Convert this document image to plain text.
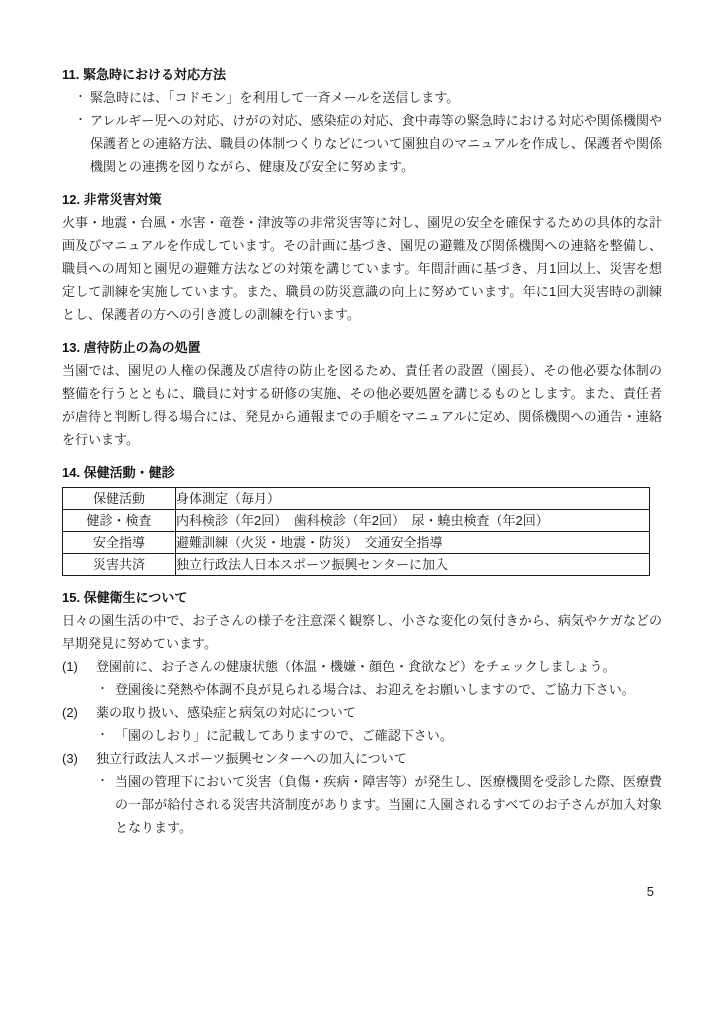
11. 緊急時における対応方法
・ 緊急時には、「コドモン」を利用して一斉メールを送信します。
・ アレルギー児への対応、けがの対応、感染症の対応、食中毒等の緊急時における対応や関係機関や保護者との連絡方法、職員の体制つくりなどについて園独自のマニュアルを作成し、保護者や関係機関との連携を図りながら、健康及び安全に努めます。
12. 非常災害対策

火事・地震・台風・水害・竜巻・津波等の非常災害等に対し、園児の安全を確保するための具体的な計画及びマニュアルを作成しています。その計画に基づき、園児の避難及び関係機関への連絡を整備し、職員への周知と園児の避難方法などの対策を講じています。年間計画に基づき、月1回以上、災害を想定して訓練を実施しています。また、職員の防災意識の向上に努めています。年に1回大災害時の訓練とし、保護者の方への引き渡しの訓練を行います。

13. 虐待防止の為の処置

当園では、園児の人権の保護及び虐待の防止を図るため、責任者の設置（園長）、その他必要な体制の整備を行うとともに、職員に対する研修の実施、その他必要処置を講じるものとします。また、責任者が虐待と判断し得る場合には、発見から通報までの手順をマニュアルに定め、関係機関への通告・連絡を行います。

14. 保健活動・健診
保健活動	身体測定（毎月）
健診・検査	内科検診（年2回）　歯科検診（年2回）　尿・蟯虫検査（年2回）
安全指導	避難訓練（火災・地震・防災）　交通安全指導
災害共済	独立行政法人日本スポーツ振興センターに加入
15. 保健衛生について

日々の園生活の中で、お子さんの様子を注意深く観察し、小さな変化の気付きから、病気やケガなどの早期発見に努めています。

(1)	登園前に、お子さんの健康状態（体温・機嫌・顔色・食欲など）をチェックしましょう。
・ 登園後に発熱や体調不良が見られる場合は、お迎えをお願いしますので、ご協力下さい。
(2)	薬の取り扱い、感染症と病気の対応について
・ 「園のしおり」に記載してありますので、ご確認下さい。
(3)	独立行政法人スポーツ振興センターへの加入について
・ 当園の管理下において災害（負傷・疾病・障害等）が発生し、医療機関を受診した際、医療費の一部が給付される災害共済制度があります。当園に入園されるすべてのお子さんが加入対象となります。
5
